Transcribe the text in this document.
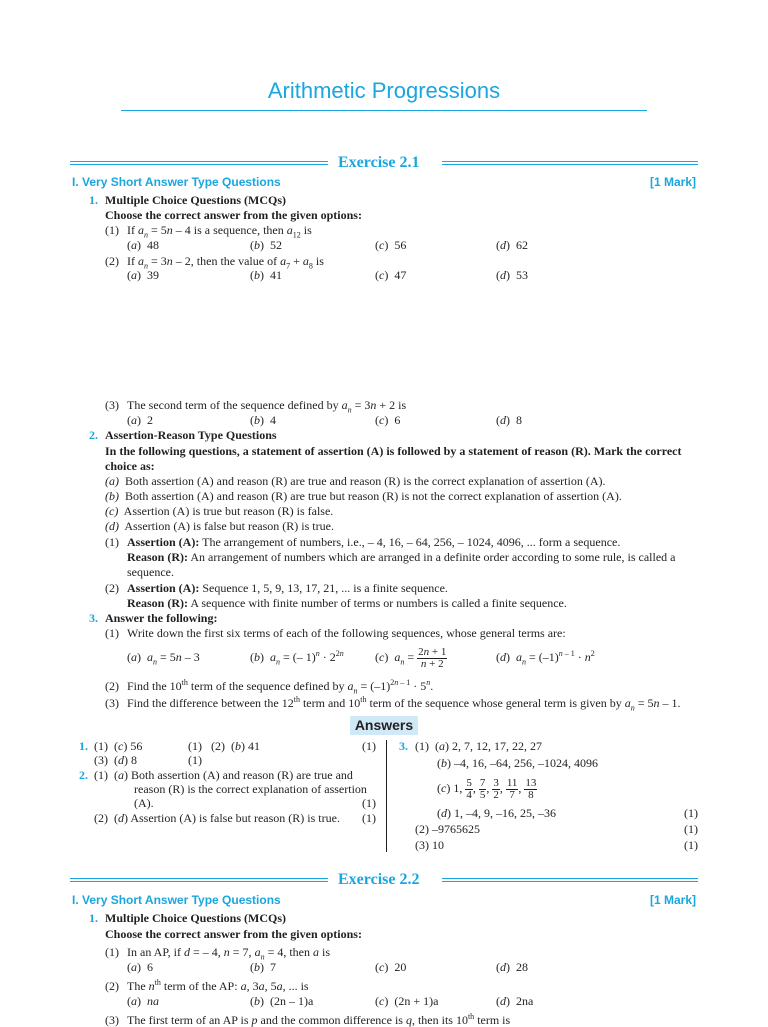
Arithmetic Progressions
Exercise 2.1
I. Very Short Answer Type Questions	[1 Mark]
1. Multiple Choice Questions (MCQs)
Choose the correct answer from the given options:
(1) If $a_n = 5n - 4$ is a sequence, then $a_{12}$ is
(a)  48	(b)  52	(c)  56	(d)  62
(2) If $a_n = 3n - 2$, then the value of $a_7 + a_8$ is
(a)  39	(b)  41	(c)  47	(d)  53
(3) The second term of the sequence defined by $a_n = 3n + 2$ is
(a)  2	(b)  4	(c)  6	(d)  8
2. Assertion-Reason Type Questions
In the following questions, a statement of assertion (A) is followed by a statement of reason (R). Mark the correct
choice as:
(a) Both assertion (A) and reason (R) are true and reason (R) is the correct explanation of assertion (A).
(b) Both assertion (A) and reason (R) are true but reason (R) is not the correct explanation of assertion (A).
(c) Assertion (A) is true but reason (R) is false.
(d) Assertion (A) is false but reason (R) is true.
(1) Assertion (A): The arrangement of numbers, i.e., – 4, 16, – 64, 256, – 1024, 4096, ... form a sequence.
Reason (R): An arrangement of numbers which are arranged in a definite order according to some rule, is called a
sequence.
(2) Assertion (A): Sequence 1, 5, 9, 13, 17, 21, ... is a finite sequence.
Reason (R): A sequence with finite number of terms or numbers is called a finite sequence.
3. Answer the following:
(1) Write down the first six terms of each of the following sequences, whose general terms are:
(a)  $a_n = 5n - 3$	(b)  $a_n$ = (– $1)^n \cdot 2^{2n}$	(c)  $a_n = \frac{2n + 1}{n + 2}$	(d)  $a_n = (-1)^{n - 1} \cdot n^2$
(2) Find the 10th term of the sequence defined by $a_n = (-1)^{2n - 1} \cdot 5^n$.
(3) Find the difference between the 12th term and 10th term of the sequence whose general term is given by $a_n = 5n - 1$.
Answers
1. (1)  (c) 56	(1)   (2)  (b) 41	(1)
(3)  (d) 8	(1)
2. (1)  (a) Both assertion (A) and reason (R) are true and
reason (R) is the correct explanation of assertion
(A).	(1)
(2)  (d) Assertion (A) is false but reason (R) is true. (1)
3. (1)  (a) 2, 7, 12, 17, 22, 27
(b) –4, 16, –64, 256, –1024, 4096
(c) 1, $\frac{5}{4}$ , $\frac{7}{5}$ , $\frac{3}{2}$ , $\frac{11}{7}$ , $\frac{13}{8}$
(d) 1, –4, 9, –16, 25, –36	(1)
(2) –9765625	(1)
(3) 10	(1)
Exercise 2.2
I. Very Short Answer Type Questions	[1 Mark]
1. Multiple Choice Questions (MCQs)
Choose the correct answer from the given options:
(1) In an AP, if d = – 4, n = 7, $a_n = 4$, then a is
(a)  6	(b)  7	(c)  20	(d)  28
(2) The $n^{th}$ term of the AP: a, 3a, 5a, ... is
(a)  na	(b)  (2n – 1)a	(c)  (2n + 1)a	(d)  2na
(3) The first term of an AP is p and the common difference is q, then its 10th term is
